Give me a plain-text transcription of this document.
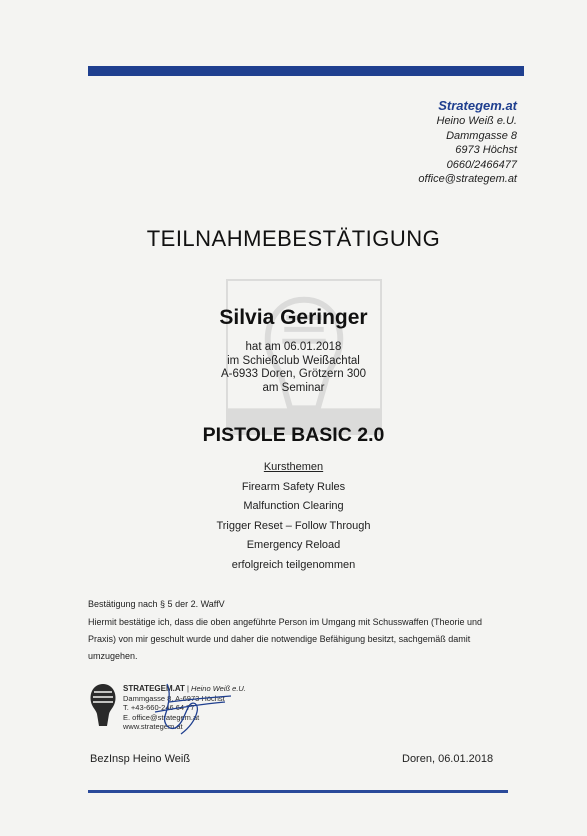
Strategem.at
Heino Weiß e.U.
Dammgasse 8
6973 Höchst
0660/2466477
office@strategem.at
TEILNAHMEBESTÄTIGUNG
Silvia Geringer
hat am 06.01.2018
im Schießclub Weißachtal
A-6933 Doren, Grötzern 300
am Seminar
PISTOLE BASIC 2.0
Kursthemen
Firearm Safety Rules
Malfunction Clearing
Trigger Reset – Follow Through
Emergency Reload
erfolgreich teilgenommen
Bestätigung nach § 5 der 2. WaffV
Hiermit bestätige ich, dass die oben angeführte Person im Umgang mit Schusswaffen (Theorie und Praxis) von mir geschult wurde und daher die notwendige Befähigung besitzt, sachgemäß damit umzugehen.
STRATEGEM.AT | Heino Weiß e.U.
Dammgasse 8, A-6973 Höchst
T. +43-660-246 64 77
E. office@strategem.at
www.strategem.at
BezInsp Heino Weiß	Doren, 06.01.2018
